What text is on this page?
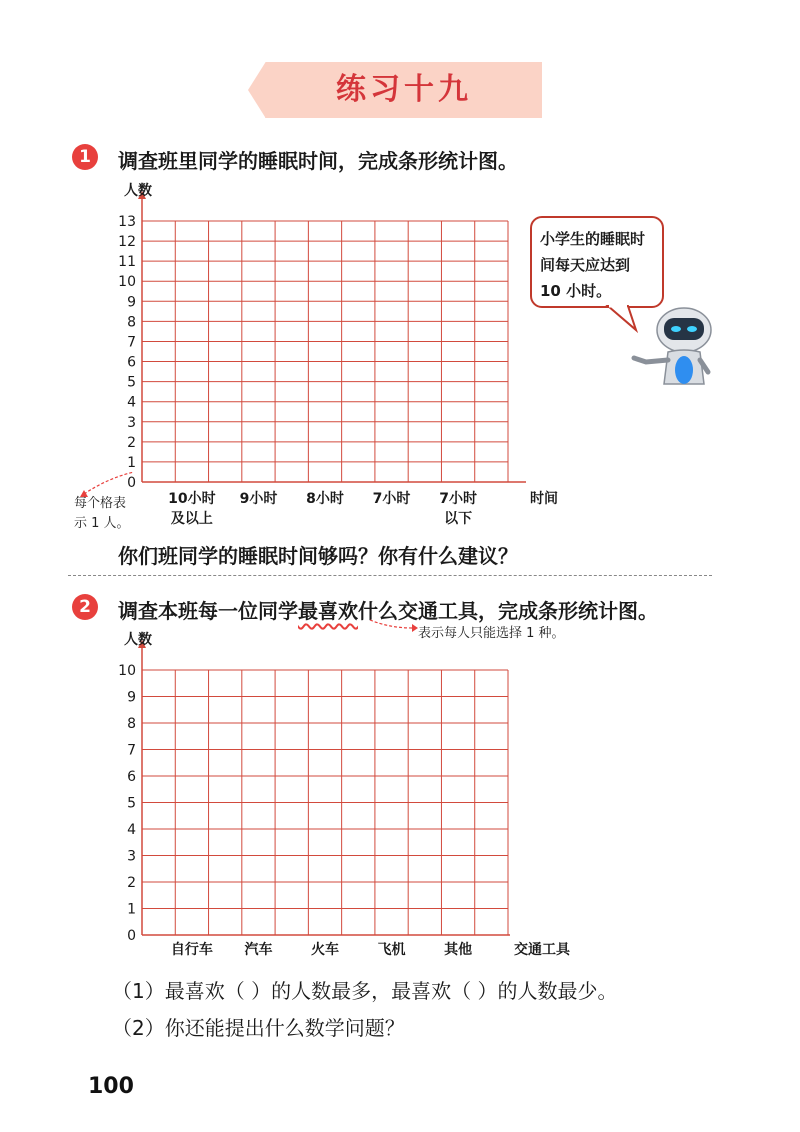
练习十九
1	调查班里同学的睡眠时间，完成条形统计图。
人数
0
1
2
3
4
5
6
7
8
9
10
11
12
13
10小时
及以上
9小时 8小时 7小时 7小时
以下
时间
每个格表
示 1 人。
小学生的睡眠时间每天应达到 10 小时。
你们班同学的睡眠时间够吗？你有什么建议？
2	调查本班每一位同学最喜欢什么交通工具，完成条形统计图。
表示每人只能选择 1 种。
人数
0
1
2
3
4
5
6
7
8
9
10
自行车 汽车	火车	飞机	其他	交通工具
（1）最喜欢（ ）的人数最多，最喜欢（ ）的人数最少。
（2）你还能提出什么数学问题？
100
